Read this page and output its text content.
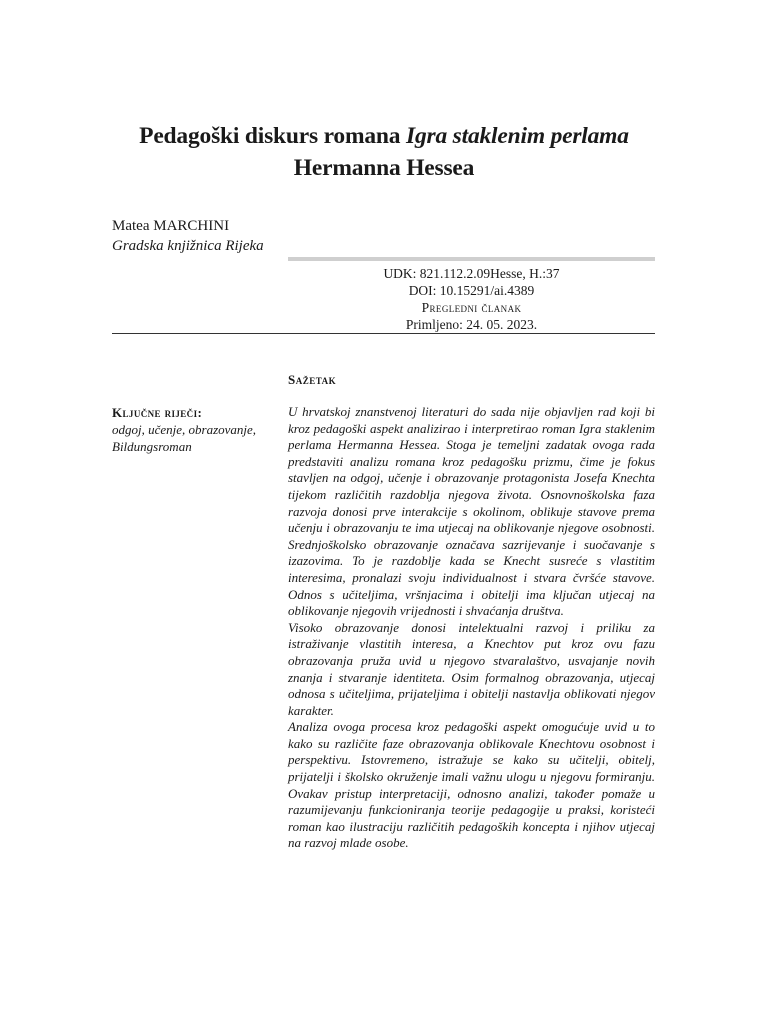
Pedagoški diskurs romana Igra staklenim perlama
Hermanna Hessea
Matea MARCHINI
Gradska knjižnica Rijeka
UDK: 821.112.2.09Hesse, H.:37
DOI: 10.15291/ai.4389
Pregledni članak
Primljeno: 24. 05. 2023.
Sažetak
Ključne riječi:
odgoj, učenje, obrazovanje, Bildungsroman

U hrvatskoj znanstvenoj literaturi do sada nije objavljen rad koji bi kroz pedagoški aspekt analizirao i interpretirao roman Igra staklenim perlama Hermanna Hessea. Stoga je temeljni zadatak ovoga rada predstaviti analizu romana kroz pedagošku prizmu, čime je fokus stavljen na odgoj, učenje i obrazovanje protagonista Josefa Knechta tijekom različitih razdoblja njegova života. Osnovnoškolska faza razvoja donosi prve interakcije s okolinom, oblikuje stavove prema učenju i obrazovanju te ima utjecaj na oblikovanje njegove osobnosti. Srednjoškolsko obrazovanje označava sazrijevanje i suočavanje s izazovima. To je razdoblje kada se Knecht susreće s vlastitim interesima, pronalazi svoju individualnost i stvara čvršće stavove. Odnos s učiteljima, vršnjacima i obitelji ima ključan utjecaj na oblikovanje njegovih vrijednosti i shvaćanja društva.

Visoko obrazovanje donosi intelektualni razvoj i priliku za istraživanje vlastitih interesa, a Knechtov put kroz ovu fazu obrazovanja pruža uvid u njegovo stvaralaštvo, usvajanje novih znanja i stvaranje identiteta. Osim formalnog obrazovanja, utjecaj odnosa s učiteljima, prijateljima i obitelji nastavlja oblikovati njegov karakter.

Analiza ovoga procesa kroz pedagoški aspekt omogućuje uvid u to kako su različite faze obrazovanja oblikovale Knechtovu osobnost i perspektivu. Istovremeno, istražuje se kako su učitelji, obitelj, prijatelji i školsko okruženje imali važnu ulogu u njegovu formiranju. Ovakav pristup interpretaciji, odnosno analizi, također pomaže u razumijevanju funkcioniranja teorije pedagogije u praksi, koristeći roman kao ilustraciju različitih pedagoških koncepta i njihov utjecaj na razvoj mlade osobe.
